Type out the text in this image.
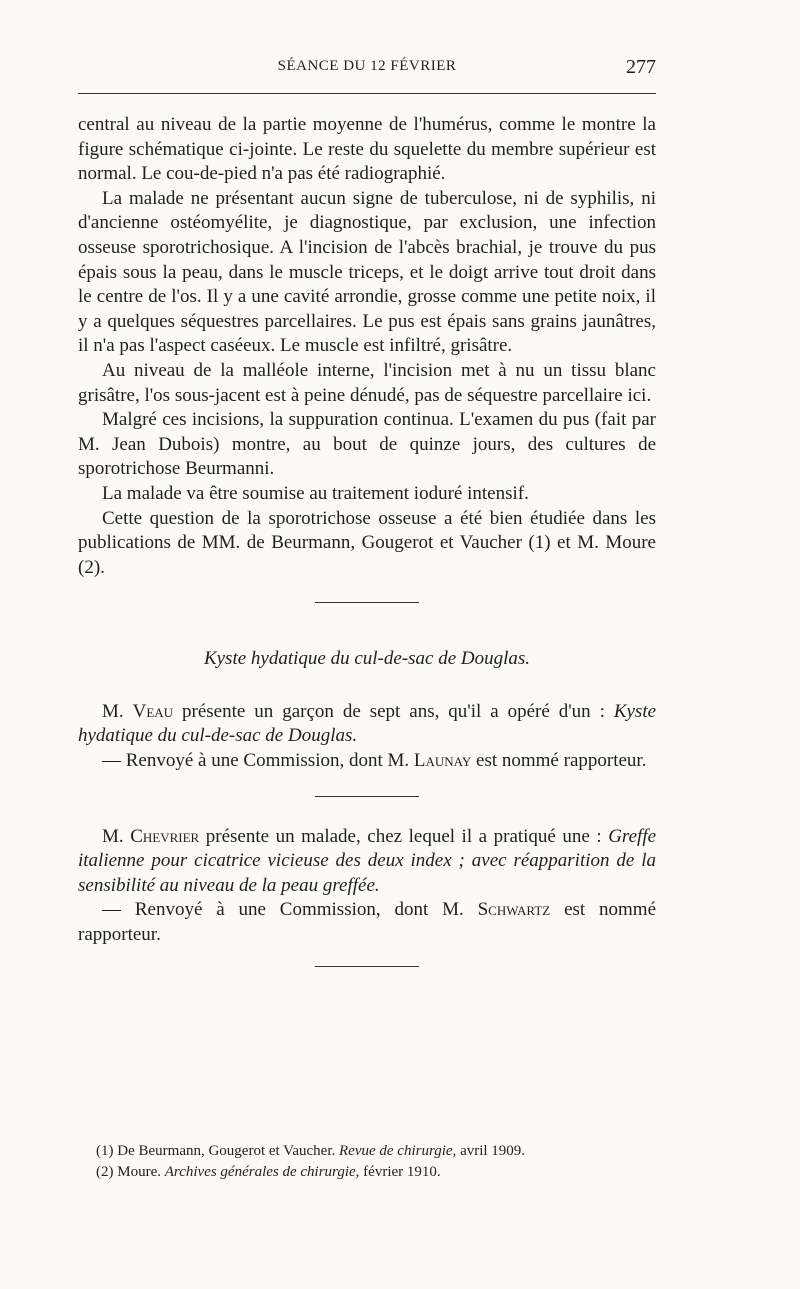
SÉANCE DU 12 FÉVRIER	277

central au niveau de la partie moyenne de l'humérus, comme le montre la figure schématique ci-jointe. Le reste du squelette du membre supérieur est normal. Le cou-de-pied n'a pas été radiographié.

La malade ne présentant aucun signe de tuberculose, ni de syphilis, ni d'ancienne ostéomyélite, je diagnostique, par exclusion, une infection osseuse sporotrichosique. A l'incision de l'abcès brachial, je trouve du pus épais sous la peau, dans le muscle triceps, et le doigt arrive tout droit dans le centre de l'os. Il y a une cavité arrondie, grosse comme une petite noix, il y a quelques séquestres parcellaires. Le pus est épais sans grains jaunâtres, il n'a pas l'aspect caséeux. Le muscle est infiltré, grisâtre.

Au niveau de la malléole interne, l'incision met à nu un tissu blanc grisâtre, l'os sous-jacent est à peine dénudé, pas de séquestre parcellaire ici.

Malgré ces incisions, la suppuration continua. L'examen du pus (fait par M. Jean Dubois) montre, au bout de quinze jours, des cultures de sporotrichose Beurmanni.

La malade va être soumise au traitement ioduré intensif.

Cette question de la sporotrichose osseuse a été bien étudiée dans les publications de MM. de Beurmann, Gougerot et Vaucher (1) et M. Moure (2).

Kyste hydatique du cul-de-sac de Douglas.

M. Veau présente un garçon de sept ans, qu'il a opéré d'un : Kyste hydatique du cul-de-sac de Douglas.

— Renvoyé à une Commission, dont M. Launay est nommé rapporteur.

M. Chevrier présente un malade, chez lequel il a pratiqué une : Greffe italienne pour cicatrice vicieuse des deux index ; avec réapparition de la sensibilité au niveau de la peau greffée.

— Renvoyé à une Commission, dont M. Schwartz est nommé rapporteur.

(1) De Beurmann, Gougerot et Vaucher. Revue de chirurgie, avril 1909.

(2) Moure. Archives générales de chirurgie, février 1910.
